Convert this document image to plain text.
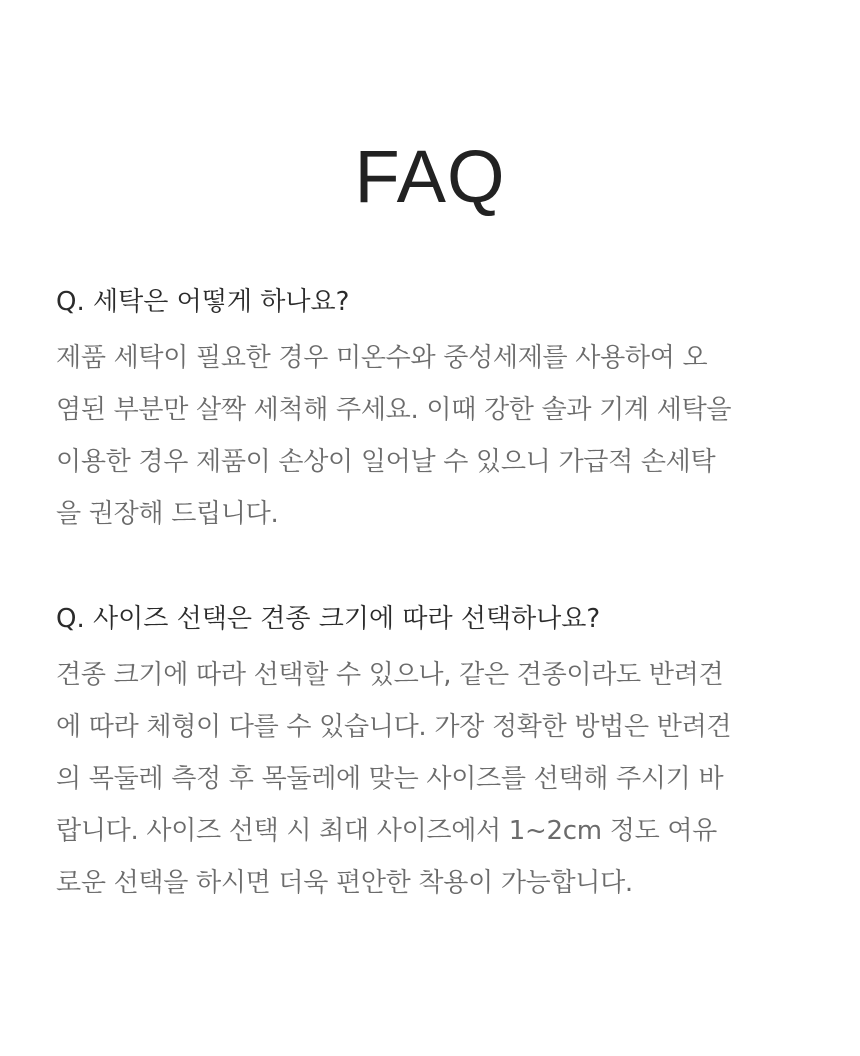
FAQ
Q. 세탁은 어떻게 하나요?

제품 세탁이 필요한 경우 미온수와 중성세제를 사용하여 오
염된 부분만 살짝 세척해 주세요. 이때 강한 솔과 기계 세탁을
이용한 경우 제품이 손상이 일어날 수 있으니 가급적 손세탁
을 권장해 드립니다.

Q. 사이즈 선택은 견종 크기에 따라 선택하나요?

견종 크기에 따라 선택할 수 있으나, 같은 견종이라도 반려견
에 따라 체형이 다를 수 있습니다. 가장 정확한 방법은 반려견
의 목둘레 측정 후 목둘레에 맞는 사이즈를 선택해 주시기 바
랍니다. 사이즈 선택 시 최대 사이즈에서 1~2cm 정도 여유
로운 선택을 하시면 더욱 편안한 착용이 가능합니다.
